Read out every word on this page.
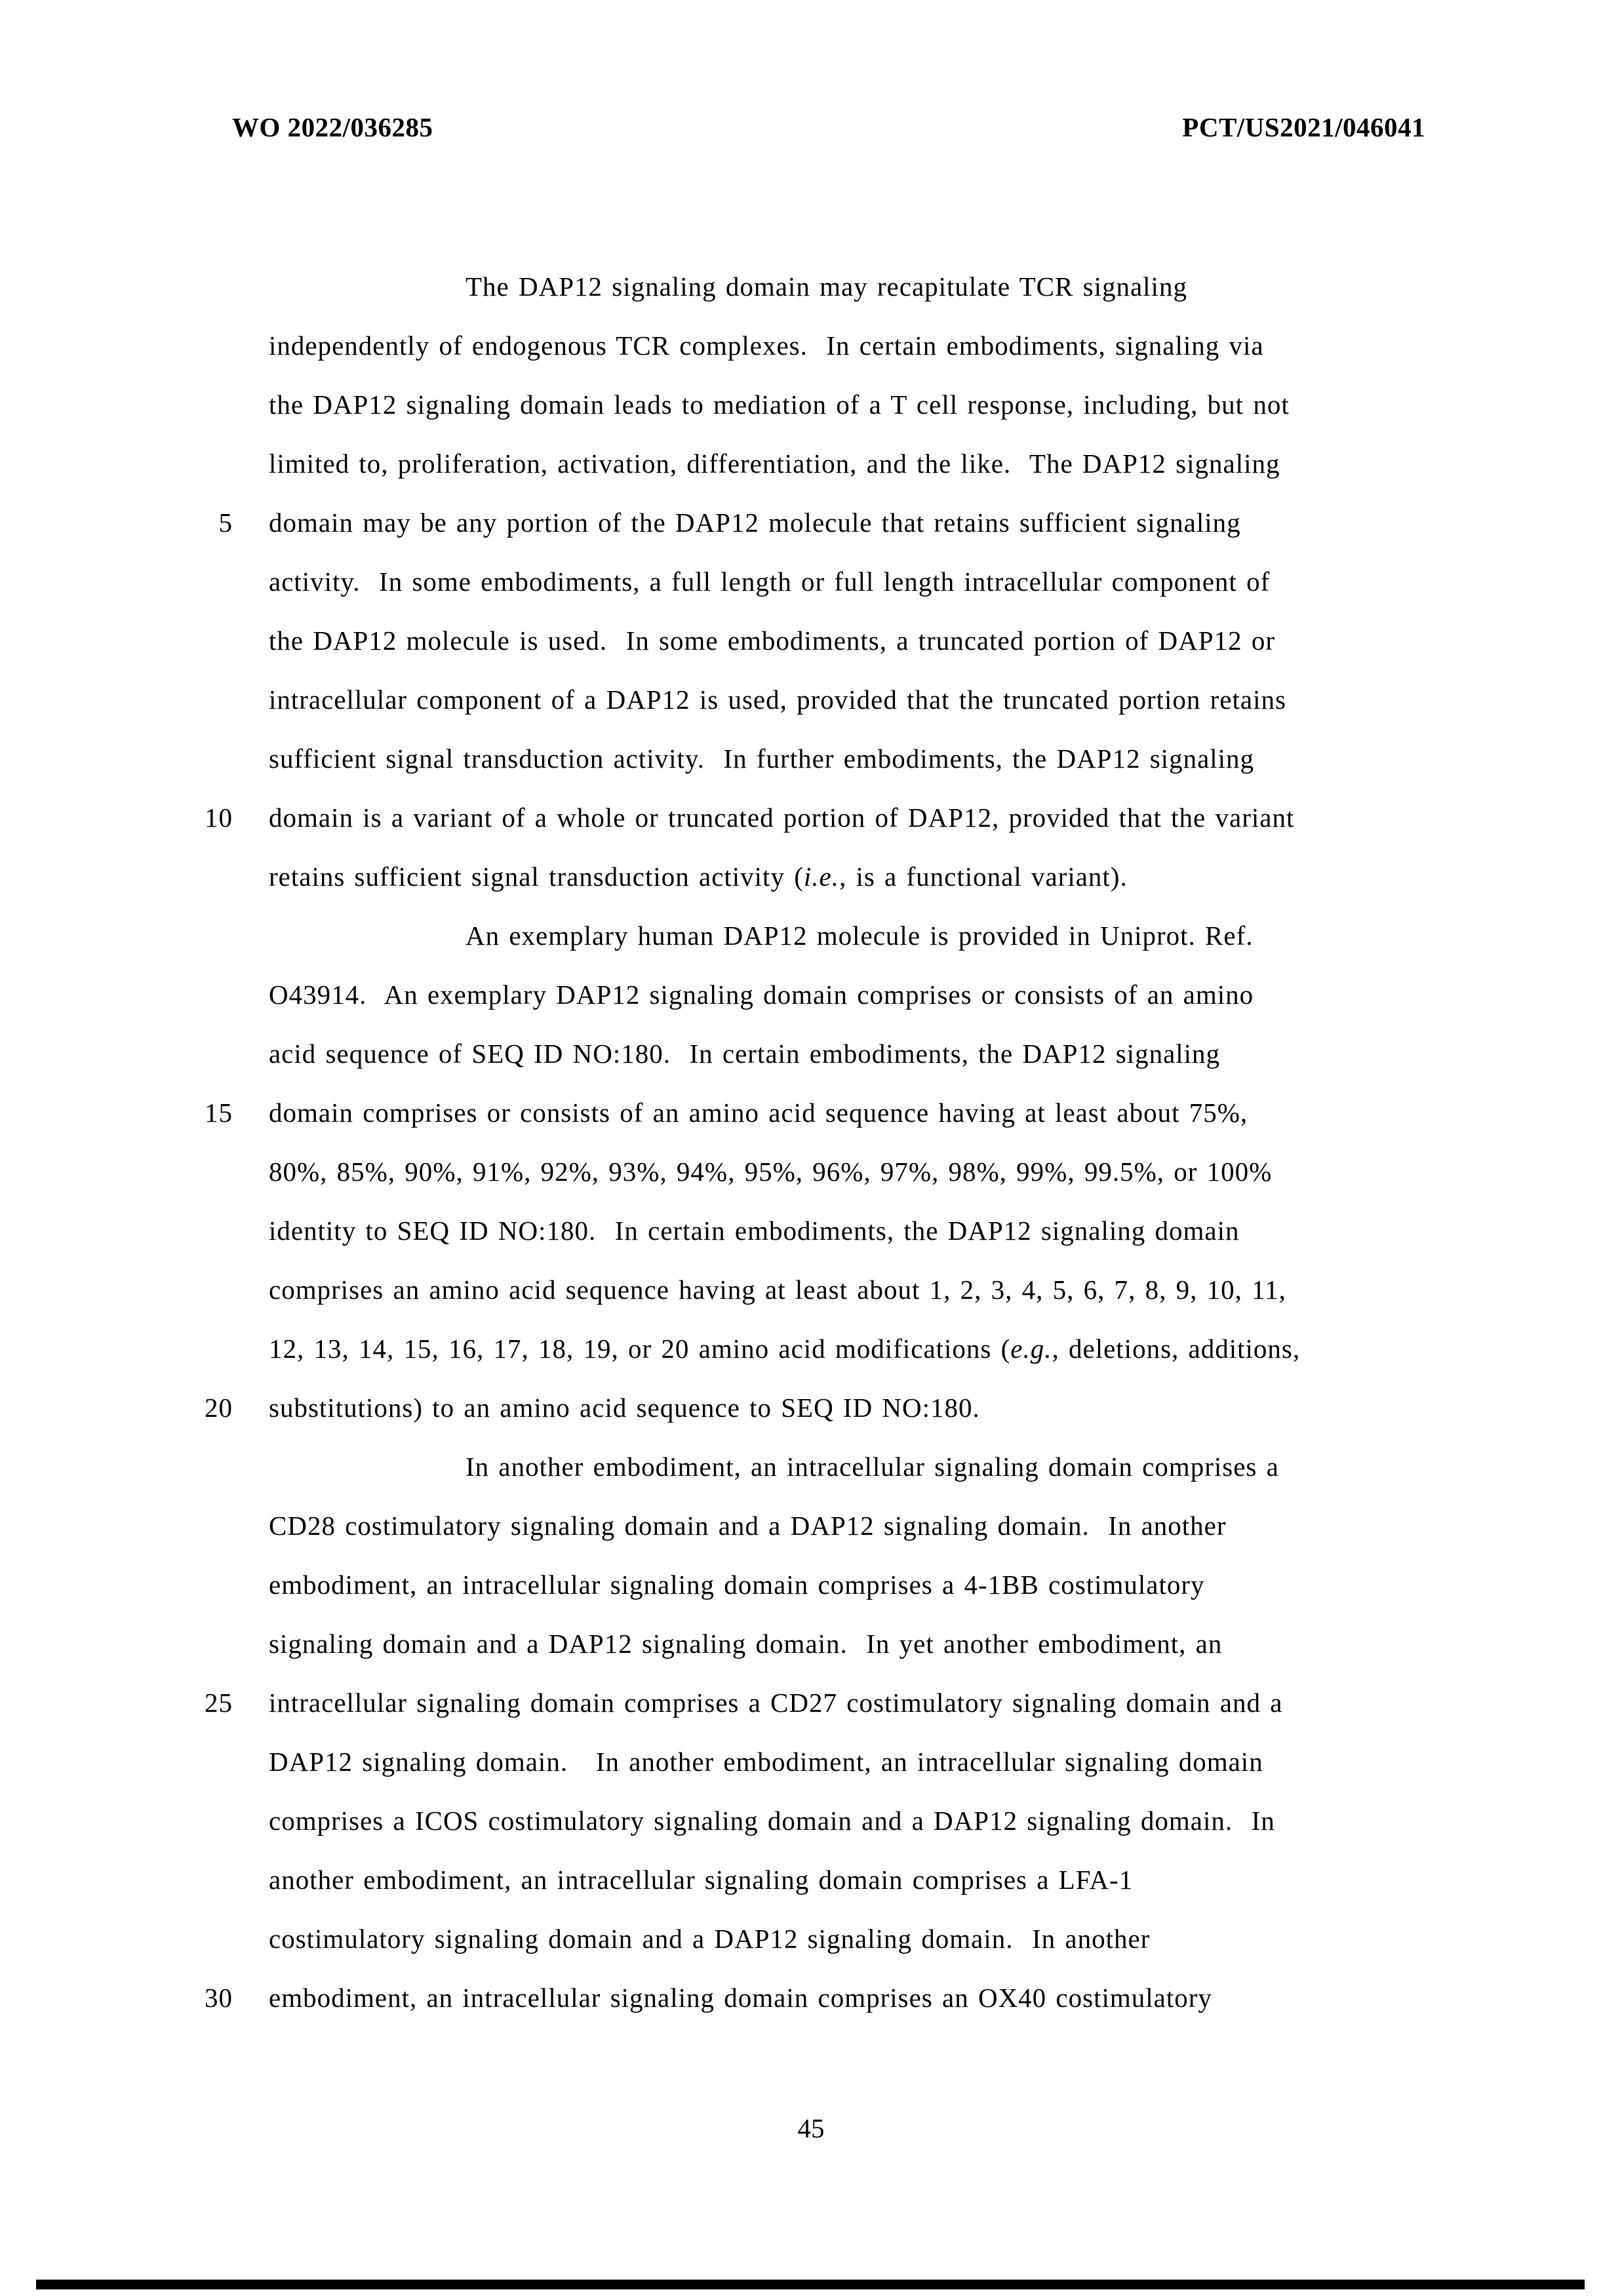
WO 2022/036285	PCT/US2021/046041
The DAP12 signaling domain may recapitulate TCR signaling
independently of endogenous TCR complexes.  In certain embodiments, signaling via
the DAP12 signaling domain leads to mediation of a T cell response, including, but not
limited to, proliferation, activation, differentiation, and the like.  The DAP12 signaling
5 domain may be any portion of the DAP12 molecule that retains sufficient signaling
activity.  In some embodiments, a full length or full length intracellular component of
the DAP12 molecule is used.  In some embodiments, a truncated portion of DAP12 or
intracellular component of a DAP12 is used, provided that the truncated portion retains
sufficient signal transduction activity.  In further embodiments, the DAP12 signaling
10 domain is a variant of a whole or truncated portion of DAP12, provided that the variant
retains sufficient signal transduction activity (i.e., is a functional variant).
An exemplary human DAP12 molecule is provided in Uniprot. Ref.
O43914.  An exemplary DAP12 signaling domain comprises or consists of an amino
acid sequence of SEQ ID NO:180.  In certain embodiments, the DAP12 signaling
15 domain comprises or consists of an amino acid sequence having at least about 75%,
80%, 85%, 90%, 91%, 92%, 93%, 94%, 95%, 96%, 97%, 98%, 99%, 99.5%, or 100%
identity to SEQ ID NO:180.  In certain embodiments, the DAP12 signaling domain
comprises an amino acid sequence having at least about 1, 2, 3, 4, 5, 6, 7, 8, 9, 10, 11,
12, 13, 14, 15, 16, 17, 18, 19, or 20 amino acid modifications (e.g., deletions, additions,
20 substitutions) to an amino acid sequence to SEQ ID NO:180.
In another embodiment, an intracellular signaling domain comprises a
CD28 costimulatory signaling domain and a DAP12 signaling domain.  In another
embodiment, an intracellular signaling domain comprises a 4-1BB costimulatory
signaling domain and a DAP12 signaling domain.  In yet another embodiment, an
25 intracellular signaling domain comprises a CD27 costimulatory signaling domain and a
DAP12 signaling domain.   In another embodiment, an intracellular signaling domain
comprises a ICOS costimulatory signaling domain and a DAP12 signaling domain.  In
another embodiment, an intracellular signaling domain comprises a LFA-1
costimulatory signaling domain and a DAP12 signaling domain.  In another
30 embodiment, an intracellular signaling domain comprises an OX40 costimulatory
45
